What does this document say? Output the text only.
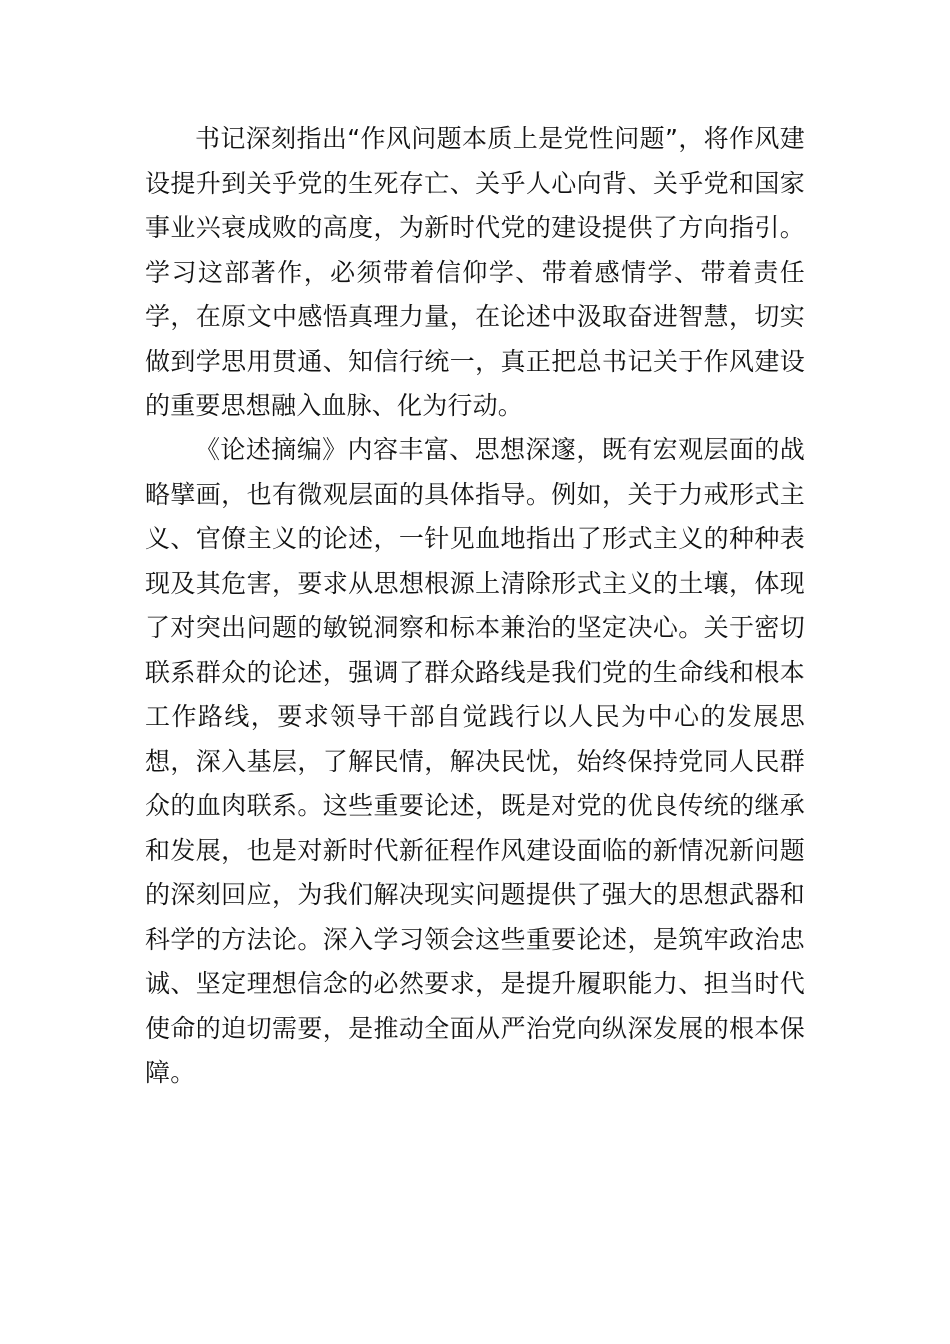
书记深刻指出“作风问题本质上是党性问题”，将作风建设提升到关乎党的生死存亡、关乎人心向背、关乎党和国家事业兴衰成败的高度，为新时代党的建设提供了方向指引。学习这部著作，必须带着信仰学、带着感情学、带着责任学，在原文中感悟真理力量，在论述中汲取奋进智慧，切实做到学思用贯通、知信行统一，真正把总书记关于作风建设的重要思想融入血脉、化为行动。

《论述摘编》内容丰富、思想深邃，既有宏观层面的战略擘画，也有微观层面的具体指导。例如，关于力戒形式主义、官僚主义的论述，一针见血地指出了形式主义的种种表现及其危害，要求从思想根源上清除形式主义的土壤，体现了对突出问题的敏锐洞察和标本兼治的坚定决心。关于密切联系群众的论述，强调了群众路线是我们党的生命线和根本工作路线，要求领导干部自觉践行以人民为中心的发展思想，深入基层，了解民情，解决民忧，始终保持党同人民群众的血肉联系。这些重要论述，既是对党的优良传统的继承和发展，也是对新时代新征程作风建设面临的新情况新问题的深刻回应，为我们解决现实问题提供了强大的思想武器和科学的方法论。深入学习领会这些重要论述，是筑牢政治忠诚、坚定理想信念的必然要求，是提升履职能力、担当时代使命的迫切需要，是推动全面从严治党向纵深发展的根本保障。
